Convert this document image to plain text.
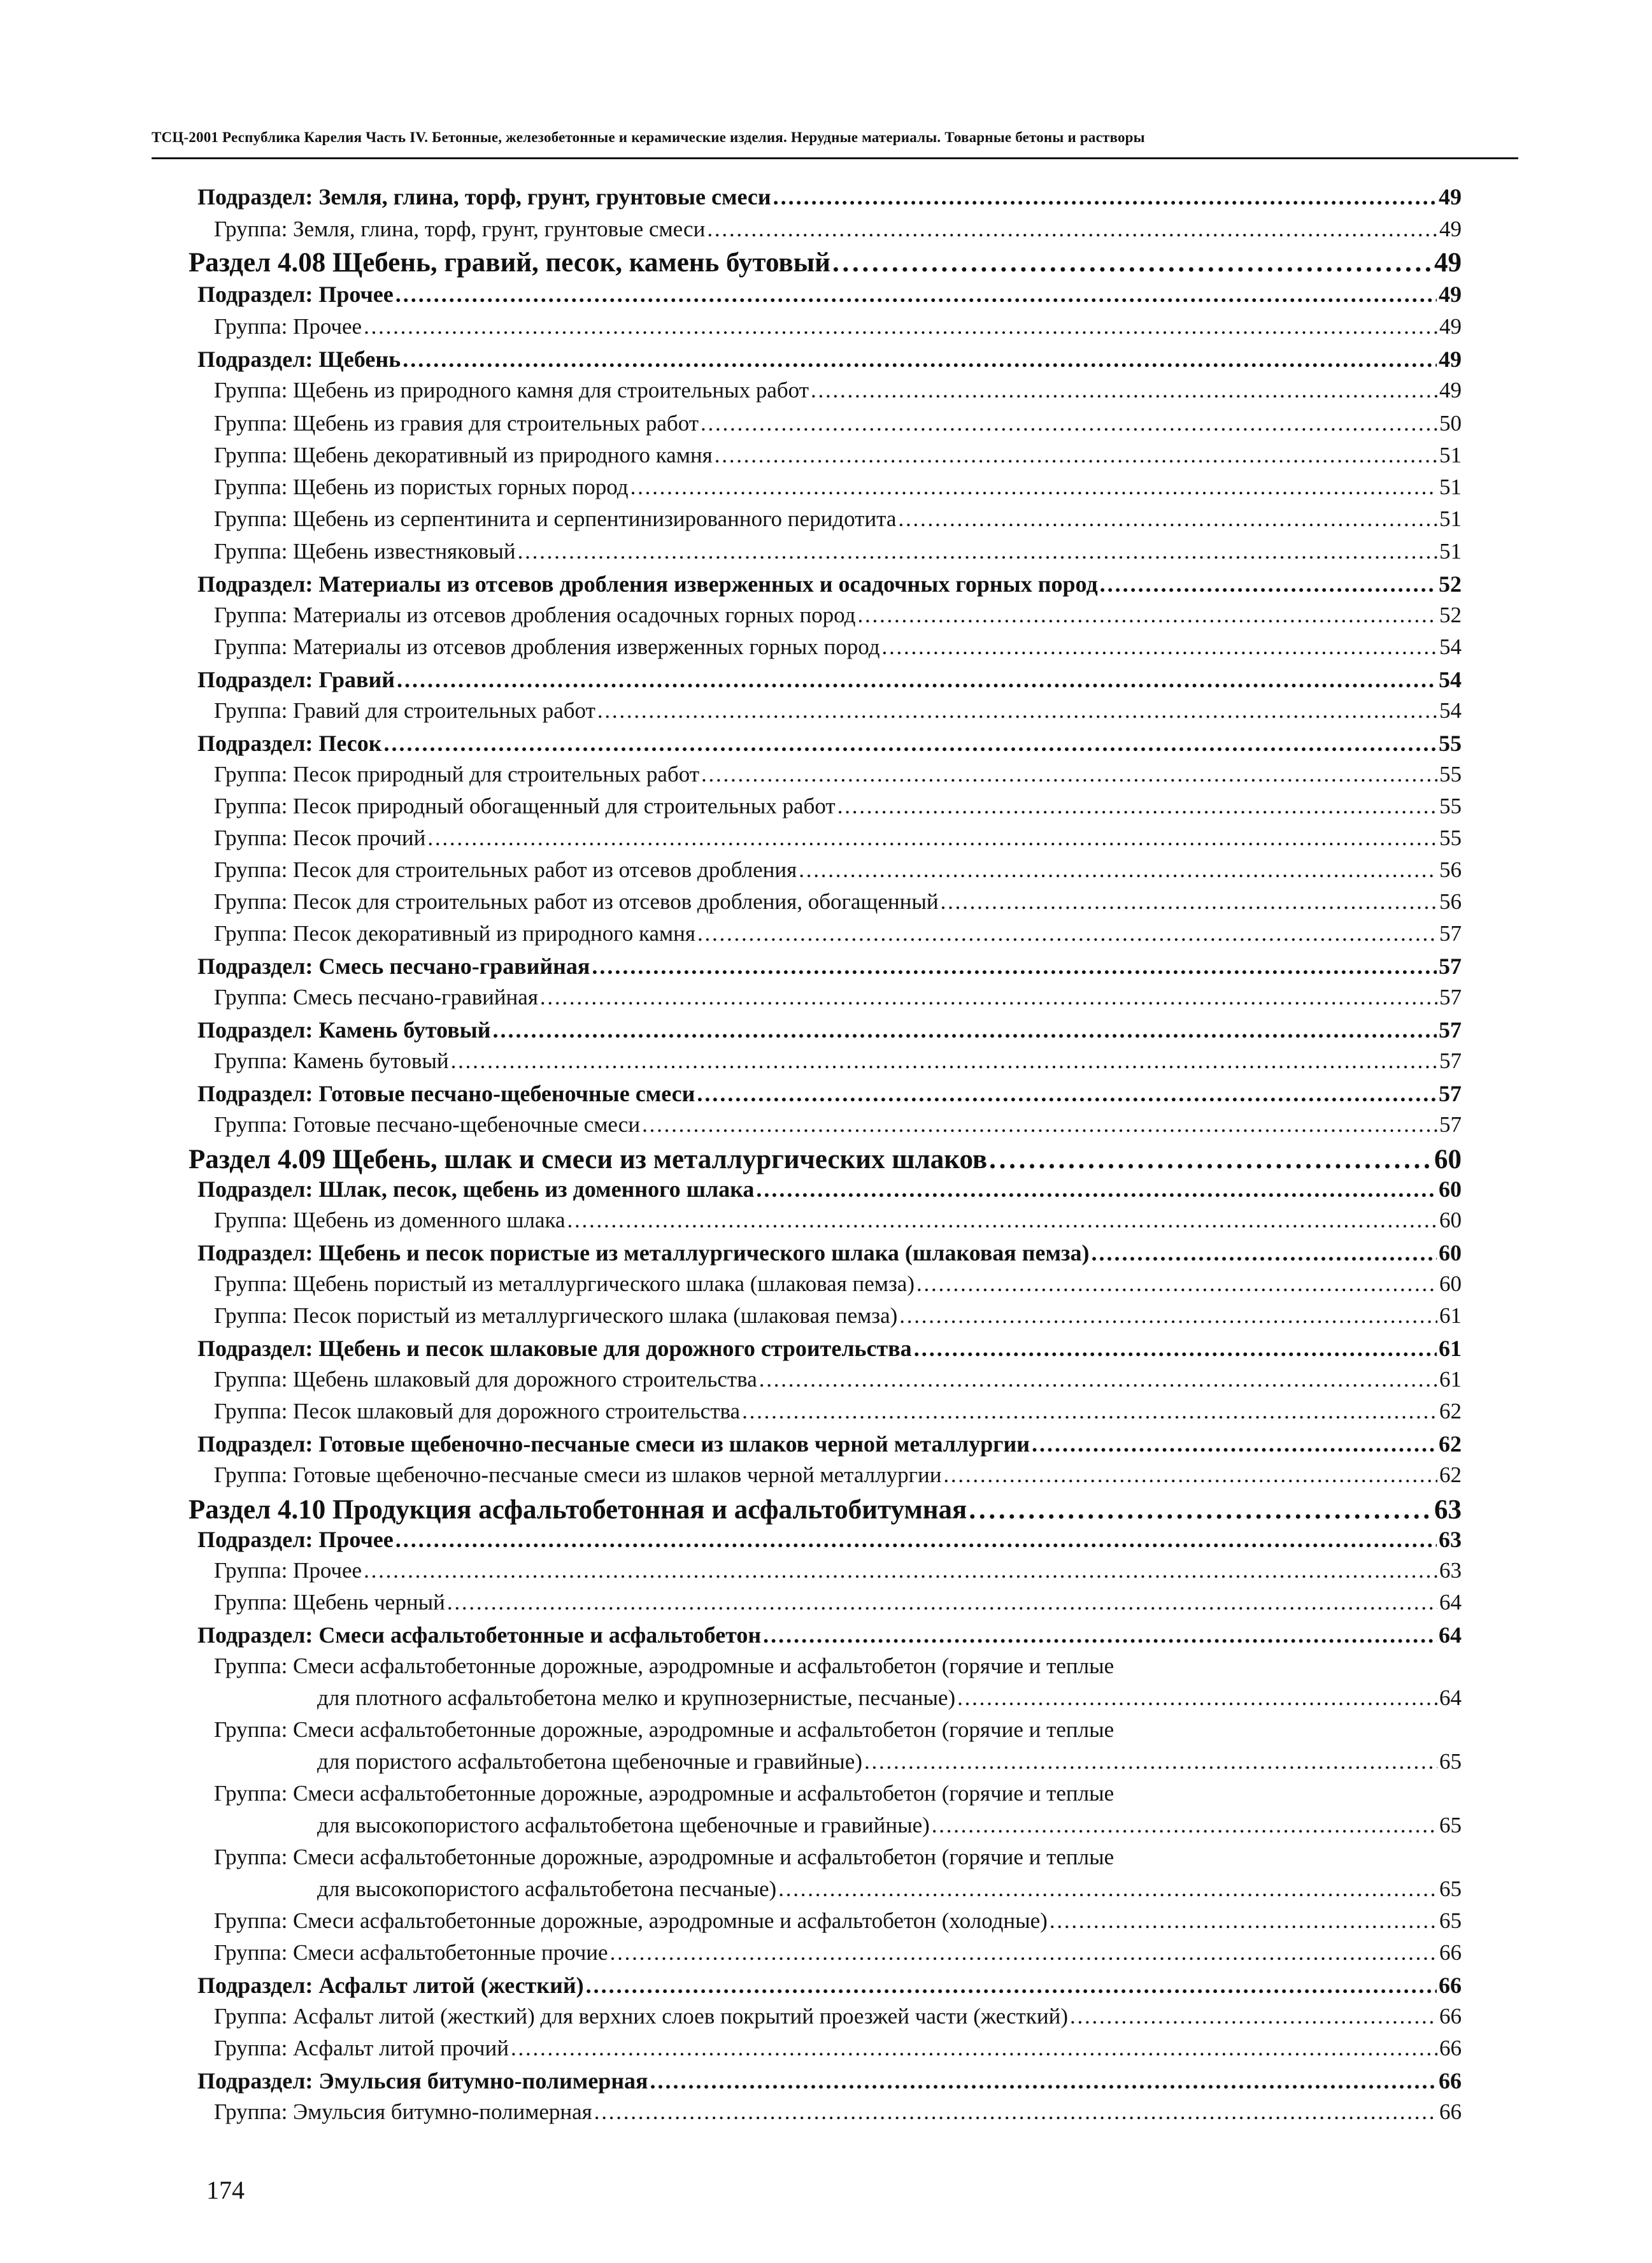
ТСЦ-2001 Республика Карелия Часть IV. Бетонные, железобетонные и керамические изделия. Нерудные материалы. Товарные бетоны и растворы
Подраздел: Земля, глина, торф, грунт, грунтовые смеси . . .	49
Группа: Земля, глина, торф, грунт, грунтовые смеси . . .	49
Раздел 4.08 Щебень, гравий, песок, камень бутовый . . .	49
Подраздел: Прочее . . .	49
Группа: Прочее . . .	49
Подраздел: Щебень . . .	49
Группа: Щебень из природного камня для строительных работ . . .	49
Группа: Щебень из гравия для строительных работ . . .	50
Группа: Щебень декоративный из природного камня . . .	51
Группа: Щебень из пористых горных пород . . .	51
Группа: Щебень из серпентинита и серпентинизированного перидотита . . .	51
Группа: Щебень известняковый . . .	51
Подраздел: Материалы из отсевов дробления изверженных и осадочных горных пород . . .	52
Группа: Материалы из отсевов дробления осадочных горных пород . . .	52
Группа: Материалы из отсевов дробления изверженных горных пород . . .	54
Подраздел: Гравий . . .	54
Группа: Гравий для строительных работ . . .	54
Подраздел: Песок . . .	55
Группа: Песок природный для строительных работ . . .	55
Группа: Песок природный обогащенный для строительных работ . . .	55
Группа: Песок прочий . . .	55
Группа: Песок для строительных работ из отсевов дробления . . .	56
Группа: Песок для строительных работ из отсевов дробления, обогащенный . . .	56
Группа: Песок декоративный из природного камня . . .	57
Подраздел: Смесь песчано-гравийная . . .	57
Группа: Смесь песчано-гравийная . . .	57
Подраздел: Камень бутовый . . .	57
Группа: Камень бутовый . . .	57
Подраздел: Готовые песчано-щебеночные смеси . . .	57
Группа: Готовые песчано-щебеночные смеси . . .	57
Раздел 4.09 Щебень, шлак и смеси из металлургических шлаков . . .	60
Подраздел: Шлак, песок, щебень из доменного шлака . . .	60
Группа: Щебень из доменного шлака . . .	60
Подраздел: Щебень и песок пористые из металлургического шлака (шлаковая пемза) . . .	60
Группа: Щебень пористый из металлургического шлака (шлаковая пемза) . . .	60
Группа: Песок пористый из металлургического шлака (шлаковая пемза) . . .	61
Подраздел: Щебень и песок шлаковые для дорожного строительства . . .	61
Группа: Щебень шлаковый для дорожного строительства . . .	61
Группа: Песок шлаковый для дорожного строительства . . .	62
Подраздел: Готовые щебеночно-песчаные смеси из шлаков черной металлургии . . .	62
Группа: Готовые щебеночно-песчаные смеси из шлаков черной металлургии . . .	62
Раздел 4.10 Продукция асфальтобетонная и асфальтобитумная . . .	63
Подраздел: Прочее . . .	63
Группа: Прочее . . .	63
Группа: Щебень черный . . .	64
Подраздел: Смеси асфальтобетонные и асфальтобетон . . .	64
Группа: Смеси асфальтобетонные дорожные, аэродромные и асфальтобетон (горячие и теплые
для плотного асфальтобетона мелко и крупнозернистые, песчаные) . . .	64
Группа: Смеси асфальтобетонные дорожные, аэродромные и асфальтобетон (горячие и теплые
для пористого асфальтобетона щебеночные и гравийные) . . .	65
Группа: Смеси асфальтобетонные дорожные, аэродромные и асфальтобетон (горячие и теплые
для высокопористого асфальтобетона щебеночные и гравийные) . . .	65
Группа: Смеси асфальтобетонные дорожные, аэродромные и асфальтобетон (горячие и теплые
для высокопористого асфальтобетона песчаные) . . .	65
Группа: Смеси асфальтобетонные дорожные, аэродромные и асфальтобетон (холодные) . . .	65
Группа: Смеси асфальтобетонные прочие . . .	66
Подраздел: Асфальт литой (жесткий) . . .	66
Группа: Асфальт литой (жесткий) для верхних слоев покрытий проезжей части (жесткий) . . .	66
Группа: Асфальт литой прочий . . .	66
Подраздел: Эмульсия битумно-полимерная . . .	66
Группа: Эмульсия битумно-полимерная . . .	66
174
